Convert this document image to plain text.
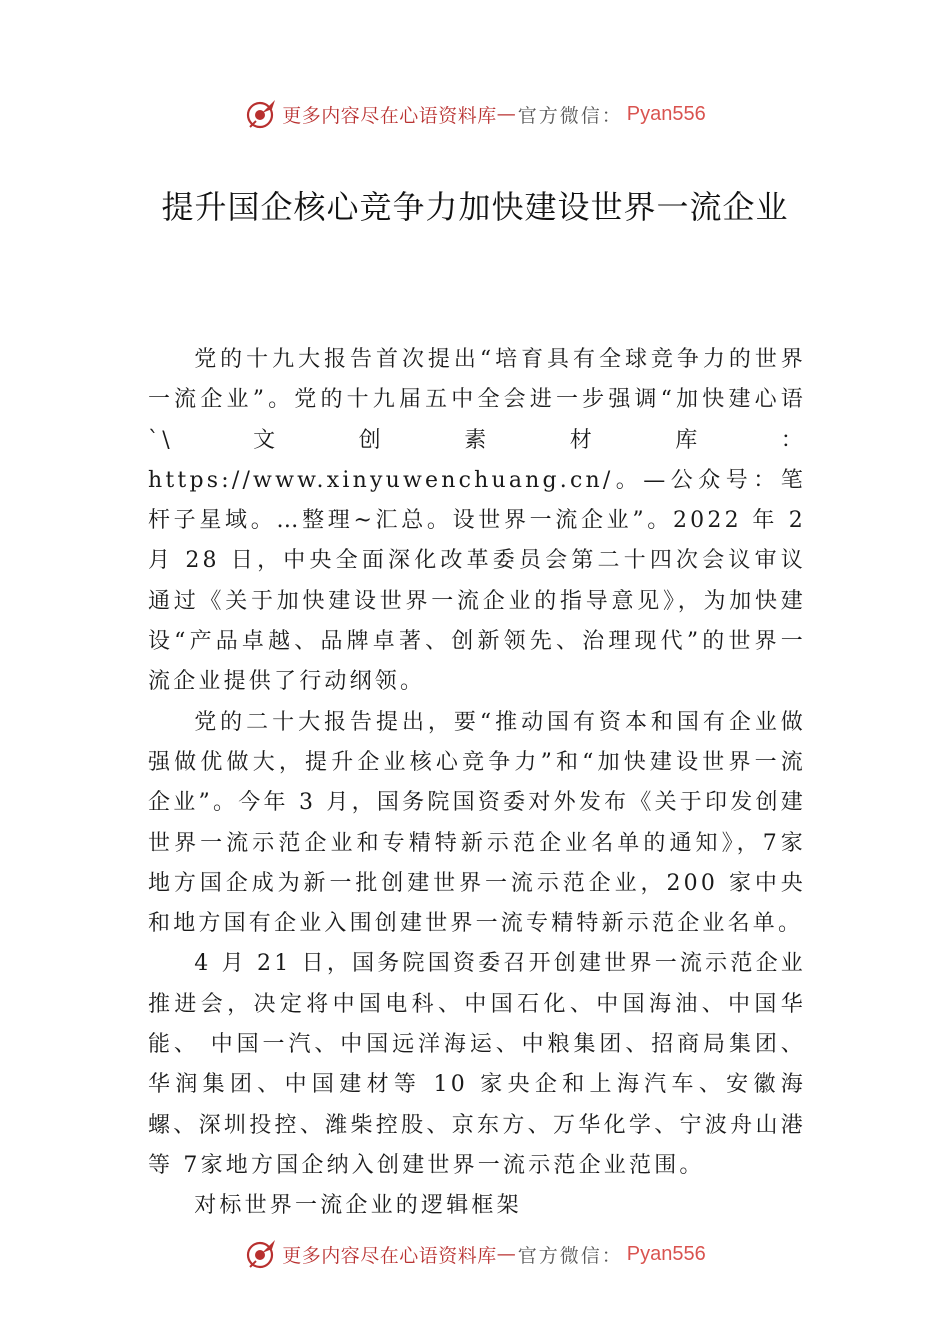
更多内容尽在心语资料库 — 官方微信： Pyan556
提升国企核心竞争力加快建设世界一流企业

党的十九大报告首次提出“培育具有全球竞争力的世界一流企业”。党的十九届五中全会进一步强调“加快建心语`\文创素材库：https://www.xinyuwenchuang.cn/。—公众号：笔杆子星域。…整理~汇总。设世界一流企业”。2022 年 2 月 28 日，中央全面深化改革委员会第二十四次会议审议通过《关于加快建设世界一流企业的指导意见》，为加快建设“产品卓越、品牌卓著、创新领先、治理现代”的世界一流企业提供了行动纲领。

党的二十大报告提出，要“推动国有资本和国有企业做强做优做大，提升企业核心竞争力”和“加快建设世界一流企业”。今年 3 月，国务院国资委对外发布《关于印发创建世界一流示范企业和专精特新示范企业名单的通知》，7家地方国企成为新一批创建世界一流示范企业，200 家中央和地方国有企业入围创建世界一流专精特新示范企业名单。

4 月 21 日，国务院国资委召开创建世界一流示范企业推进会，决定将中国电科、中国石化、中国海油、中国华能、 中国一汽、中国远洋海运、中粮集团、招商局集团、华润集团、中国建材等 10 家央企和上海汽车、安徽海螺、深圳投控、潍柴控股、京东方、万华化学、宁波舟山港等 7家地方国企纳入创建世界一流示范企业范围。

对标世界一流企业的逻辑框架

更多内容尽在心语资料库 — 官方微信： Pyan556
